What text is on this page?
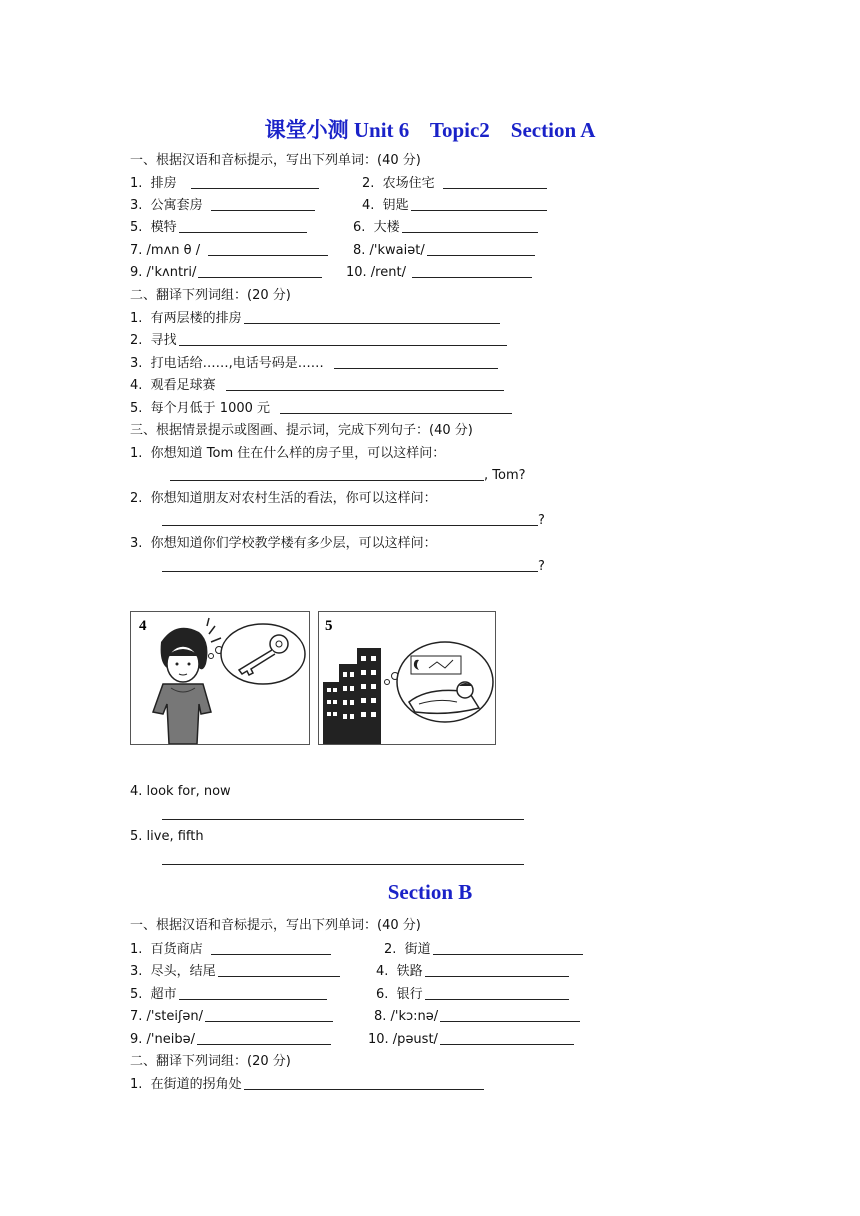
课堂小测 Unit 6    Topic2    Section A
一、根据汉语和音标提示，写出下列单词：(40 分)
1.  排房	2.  农场住宅
3.  公寓套房	4.  钥匙
5.  模特	6.  大楼
7. /mʌn θ /	8. /'kwaiət/
9. /'kʌntri/	10. /rent/
二、翻译下列词组：(20 分)
1.  有两层楼的排房
2.  寻找
3.  打电话给……,电话号码是……
4.  观看足球赛
5.  每个月低于 1000 元
三、根据情景提示或图画、提示词，完成下列句子：(40 分)
1.  你想知道 Tom 住在什么样的房子里，可以这样问：
, Tom?
2.  你想知道朋友对农村生活的看法，你可以这样问：
?
3.  你想知道你们学校教学楼有多少层，可以这样问：
?
4	5
4. look for, now
5. live, fifth
Section B
一、根据汉语和音标提示，写出下列单词：(40 分)
1.  百货商店	2.  街道
3.  尽头，结尾	4.  铁路
5.  超市	6.  银行
7. /'steiʃən/	8. /'kɔ:nə/
9. /'neibə/	10. /pəust/
二、翻译下列词组：(20 分)
1.  在街道的拐角处
